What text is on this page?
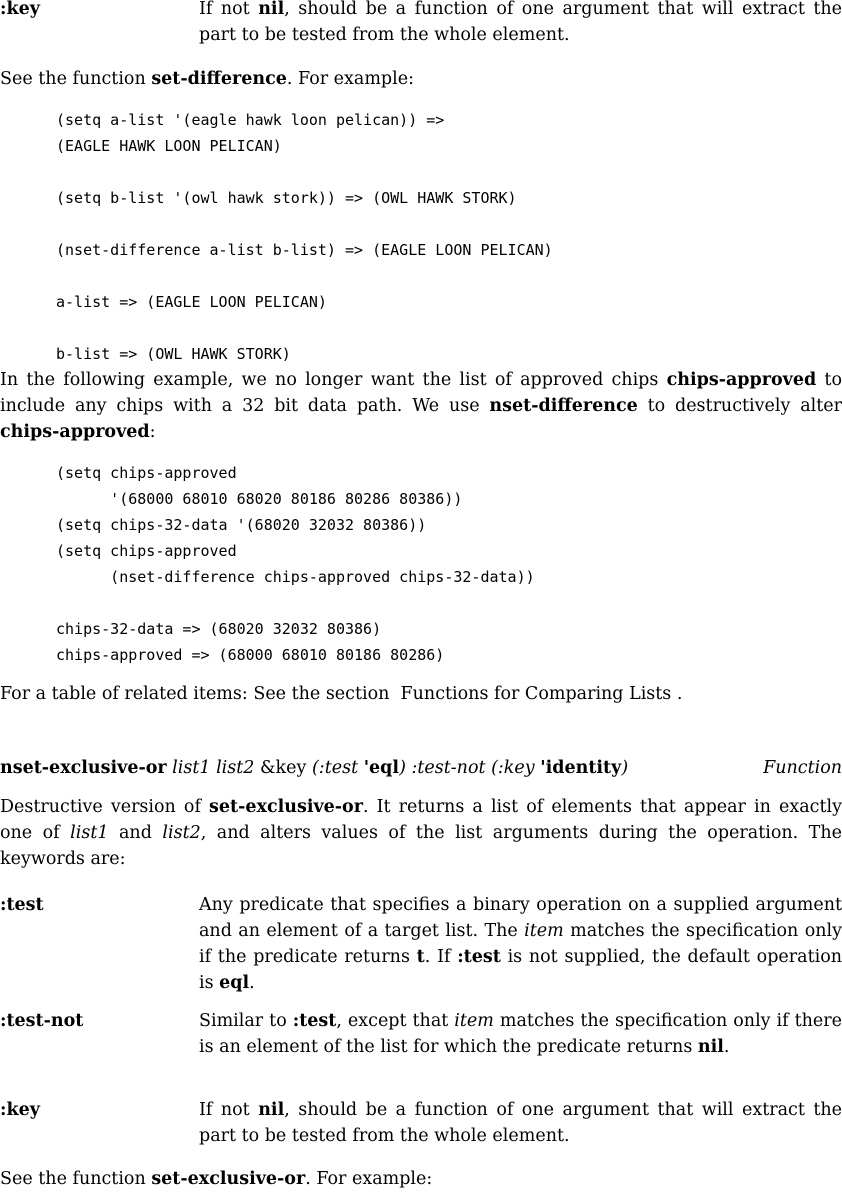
:key	If not nil, should be a function of one argument that will extract the part to be tested from the whole element.
See the function set-difference. For example:
(setq a-list '(eagle hawk loon pelican)) =>
(EAGLE HAWK LOON PELICAN)

(setq b-list '(owl hawk stork)) => (OWL HAWK STORK)

(nset-difference a-list b-list) => (EAGLE LOON PELICAN)

a-list => (EAGLE LOON PELICAN)

b-list => (OWL HAWK STORK)
In the following example, we no longer want the list of approved chips chips-approved to include any chips with a 32 bit data path. We use nset-difference to destructively alter chips-approved:
(setq chips-approved
'(68000 68010 68020 80186 80286 80386))
(setq chips-32-data '(68020 32032 80386))
(setq chips-approved
(nset-difference chips-approved chips-32-data))

chips-32-data => (68020 32032 80386)
chips-approved => (68000 68010 80186 80286)
For a table of related items: See the section  Functions for Comparing Lists .
nset-exclusive-or list1 list2 &key (:test 'eql) :test-not (:key 'identity)	Function
Destructive version of set-exclusive-or. It returns a list of elements that appear in exactly one of list1 and list2, and alters values of the list arguments during the operation. The keywords are:
:test	Any predicate that specifies a binary operation on a supplied argument and an element of a target list. The item matches the specification only if the predicate returns t. If :test is not supplied, the default operation is eql.
:test-not	Similar to :test, except that item matches the specification only if there is an element of the list for which the predicate returns nil.
:key	If not nil, should be a function of one argument that will extract the part to be tested from the whole element.
See the function set-exclusive-or. For example:
